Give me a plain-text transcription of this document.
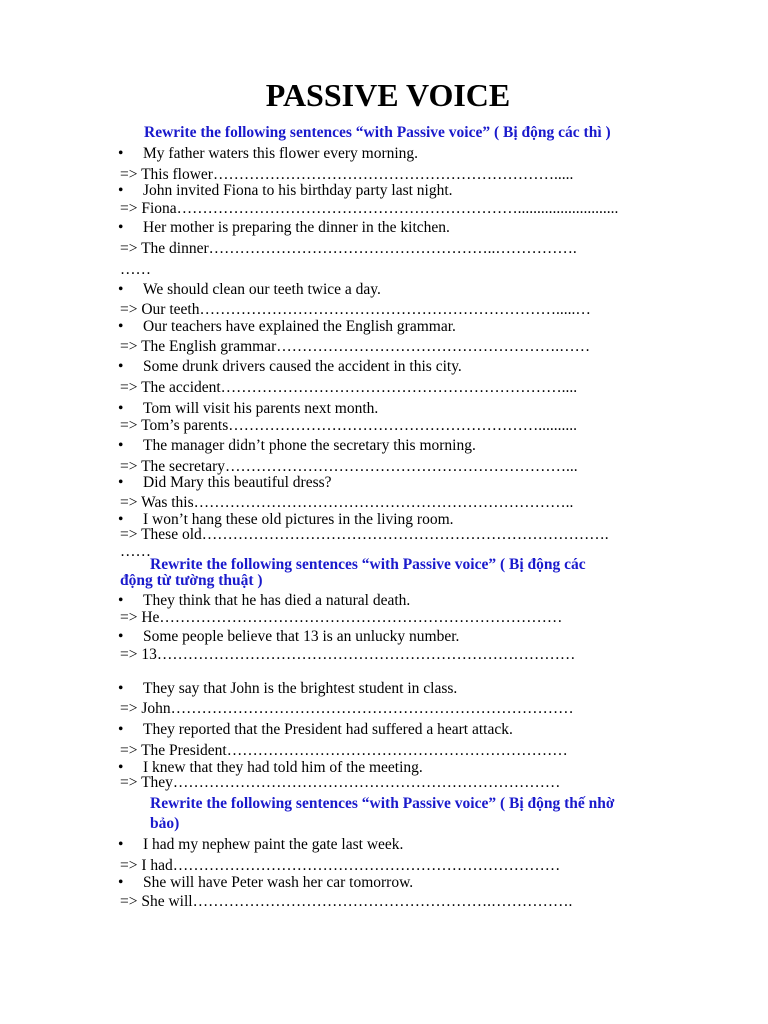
PASSIVE VOICE
Rewrite the following sentences “with Passive voice” ( Bị động các thì )
• My father waters this flower every morning.
=> This flower………………………………………………………….....
• John invited Fiona to his birthday party last night.
=> Fiona…………………………………………………………..........................
• Her mother is preparing the dinner in the kitchen.
=> The dinner………………………………………………..…………….
……
• We should clean our teeth twice a day.
=> Our teeth…………………………………………………………….....…
• Our teachers have explained the English grammar.
=> The English grammar……………………………………………….……
• Some drunk drivers caused the accident in this city.
=> The accident…………………………………………………………....
• Tom will visit his parents next month.
=> Tom’s parents……………………………………………………..........
• The manager didn’t phone the secretary this morning.
=> The secretary…………………………………………………………...
• Did Mary this beautiful dress?
=> Was this………………………………………………………………..
• I won’t hang these old pictures in the living room.
=> These old…………………………………………………………………….
……
Rewrite the following sentences “with Passive voice” ( Bị động các
động từ tường thuật )
• They think that he has died a natural death.
=> He……………………………………………………………………
• Some people believe that 13 is an unlucky number.
=> 13………………………………………………………………………
• They say that John is the brightest student in class.
=> John……………………………………………………………………
• They reported that the President had suffered a heart attack.
=> The President…………………………………………………………
• I knew that they had told him of the meeting.
=> They…………………………………………………………………
Rewrite the following sentences “with Passive voice” ( Bị động thế nhờ
bảo)
• I had my nephew paint the gate last week.
=> I had…………………………………………………………………
• She will have Peter wash her car tomorrow.
=> She will………………………………………………….…………….
